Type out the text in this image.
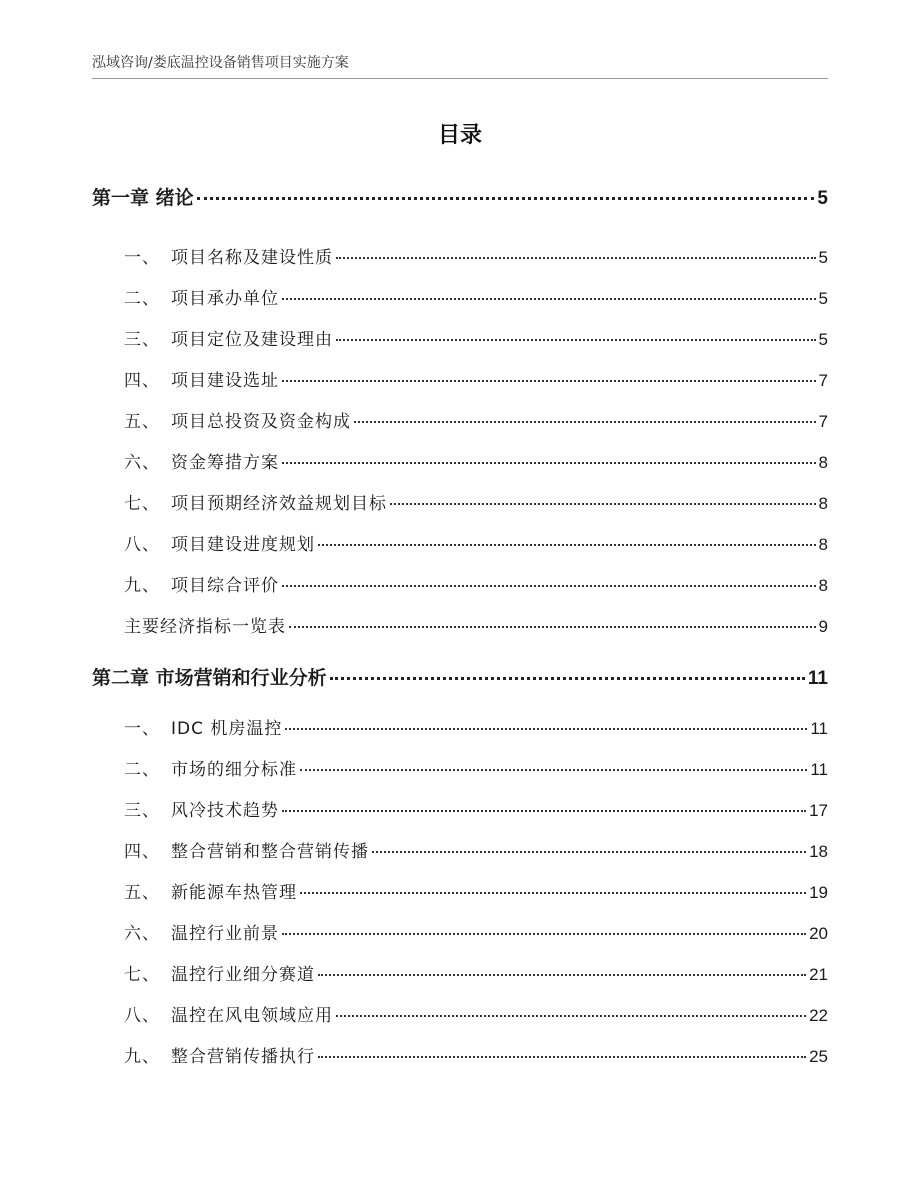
泓域咨询/娄底温控设备销售项目实施方案
目录
第一章 绪论	5
一、 项目名称及建设性质	5
二、 项目承办单位	5
三、 项目定位及建设理由	5
四、 项目建设选址	7
五、 项目总投资及资金构成	7
六、 资金筹措方案	8
七、 项目预期经济效益规划目标	8
八、 项目建设进度规划	8
九、 项目综合评价	8
主要经济指标一览表	9
第二章 市场营销和行业分析	11
一、 IDC 机房温控	11
二、 市场的细分标准	11
三、 风冷技术趋势	17
四、 整合营销和整合营销传播	18
五、 新能源车热管理	19
六、 温控行业前景	20
七、 温控行业细分赛道	21
八、 温控在风电领域应用	22
九、 整合营销传播执行	25
